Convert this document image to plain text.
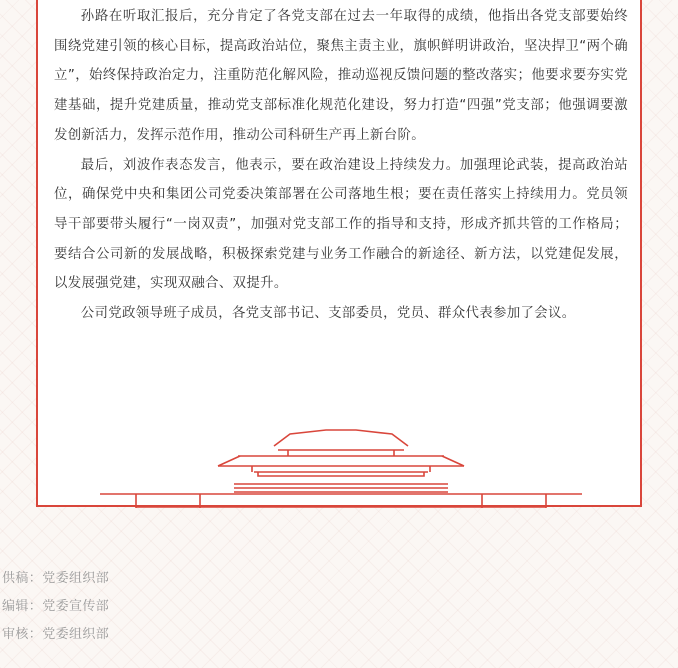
孙路在听取汇报后，充分肯定了各党支部在过去一年取得的成绩，他指出各党支部要始终围绕党建引领的核心目标，提高政治站位，聚焦主责主业，旗帜鲜明讲政治，坚决捍卫“两个确立”，始终保持政治定力，注重防范化解风险，推动巡视反馈问题的整改落实；他要求要夯实党建基础，提升党建质量，推动党支部标准化规范化建设，努力打造“四强”党支部；他强调要激发创新活力，发挥示范作用，推动公司科研生产再上新台阶。

最后，刘波作表态发言，他表示，要在政治建设上持续发力。加强理论武装，提高政治站位，确保党中央和集团公司党委决策部署在公司落地生根；要在责任落实上持续用力。党员领导干部要带头履行“一岗双责”，加强对党支部工作的指导和支持，形成齐抓共管的工作格局；要结合公司新的发展战略，积极探索党建与业务工作融合的新途径、新方法，以党建促发展，以发展强党建，实现双融合、双提升。

公司党政领导班子成员，各党支部书记、支部委员，党员、群众代表参加了会议。

供稿：党委组织部
编辑：党委宣传部
审核：党委组织部
